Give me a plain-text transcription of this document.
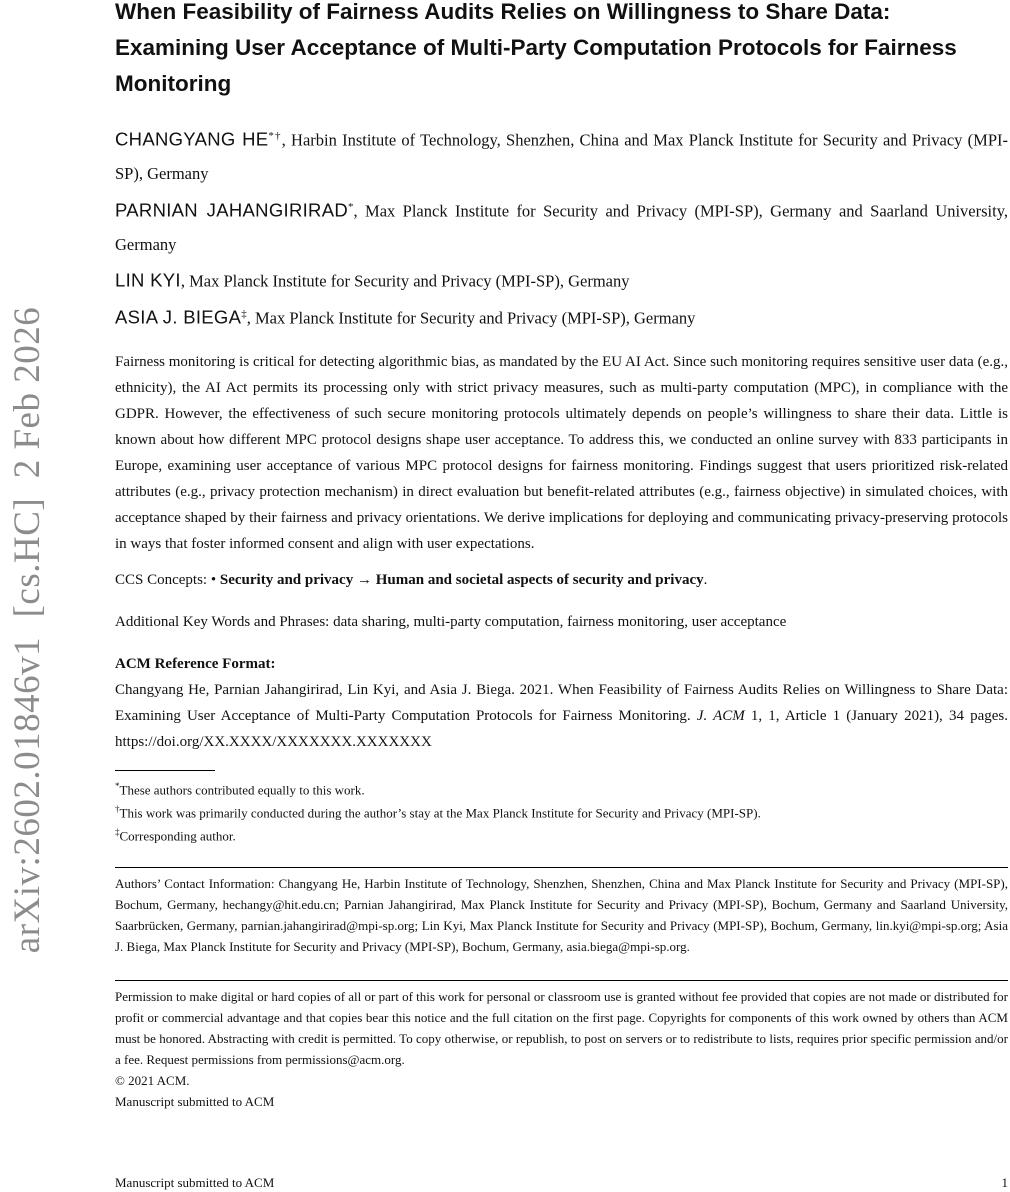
arXiv:2602.01846v1  [cs.HC]  2 Feb 2026
When Feasibility of Fairness Audits Relies on Willingness to Share Data: Examining User Acceptance of Multi-Party Computation Protocols for Fairness Monitoring
CHANGYANG HE*†, Harbin Institute of Technology, Shenzhen, China and Max Planck Institute for Security and Privacy (MPI-SP), Germany
PARNIAN JAHANGIRIRAD*, Max Planck Institute for Security and Privacy (MPI-SP), Germany and Saarland University, Germany
LIN KYI, Max Planck Institute for Security and Privacy (MPI-SP), Germany
ASIA J. BIEGA‡, Max Planck Institute for Security and Privacy (MPI-SP), Germany
Fairness monitoring is critical for detecting algorithmic bias, as mandated by the EU AI Act. Since such monitoring requires sensitive user data (e.g., ethnicity), the AI Act permits its processing only with strict privacy measures, such as multi-party computation (MPC), in compliance with the GDPR. However, the effectiveness of such secure monitoring protocols ultimately depends on people’s willingness to share their data. Little is known about how different MPC protocol designs shape user acceptance. To address this, we conducted an online survey with 833 participants in Europe, examining user acceptance of various MPC protocol designs for fairness monitoring. Findings suggest that users prioritized risk-related attributes (e.g., privacy protection mechanism) in direct evaluation but benefit-related attributes (e.g., fairness objective) in simulated choices, with acceptance shaped by their fairness and privacy orientations. We derive implications for deploying and communicating privacy-preserving protocols in ways that foster informed consent and align with user expectations.
CCS Concepts: • Security and privacy → Human and societal aspects of security and privacy.
Additional Key Words and Phrases: data sharing, multi-party computation, fairness monitoring, user acceptance
ACM Reference Format:
Changyang He, Parnian Jahangirirad, Lin Kyi, and Asia J. Biega. 2021. When Feasibility of Fairness Audits Relies on Willingness to Share Data: Examining User Acceptance of Multi-Party Computation Protocols for Fairness Monitoring. J. ACM 1, 1, Article 1 (January 2021), 34 pages. https://doi.org/XX.XXXX/XXXXXXX.XXXXXXX
*These authors contributed equally to this work.
†This work was primarily conducted during the author’s stay at the Max Planck Institute for Security and Privacy (MPI-SP).
‡Corresponding author.
Authors’ Contact Information: Changyang He, Harbin Institute of Technology, Shenzhen, Shenzhen, China and Max Planck Institute for Security and Privacy (MPI-SP), Bochum, Germany, hechangy@hit.edu.cn; Parnian Jahangirirad, Max Planck Institute for Security and Privacy (MPI-SP), Bochum, Germany and Saarland University, Saarbrücken, Germany, parnian.jahangirirad@mpi-sp.org; Lin Kyi, Max Planck Institute for Security and Privacy (MPI-SP), Bochum, Germany, lin.kyi@mpi-sp.org; Asia J. Biega, Max Planck Institute for Security and Privacy (MPI-SP), Bochum, Germany, asia.biega@mpi-sp.org.
Permission to make digital or hard copies of all or part of this work for personal or classroom use is granted without fee provided that copies are not made or distributed for profit or commercial advantage and that copies bear this notice and the full citation on the first page. Copyrights for components of this work owned by others than ACM must be honored. Abstracting with credit is permitted. To copy otherwise, or republish, to post on servers or to redistribute to lists, requires prior specific permission and/or a fee. Request permissions from permissions@acm.org.
© 2021 ACM.
Manuscript submitted to ACM
Manuscript submitted to ACM	1
